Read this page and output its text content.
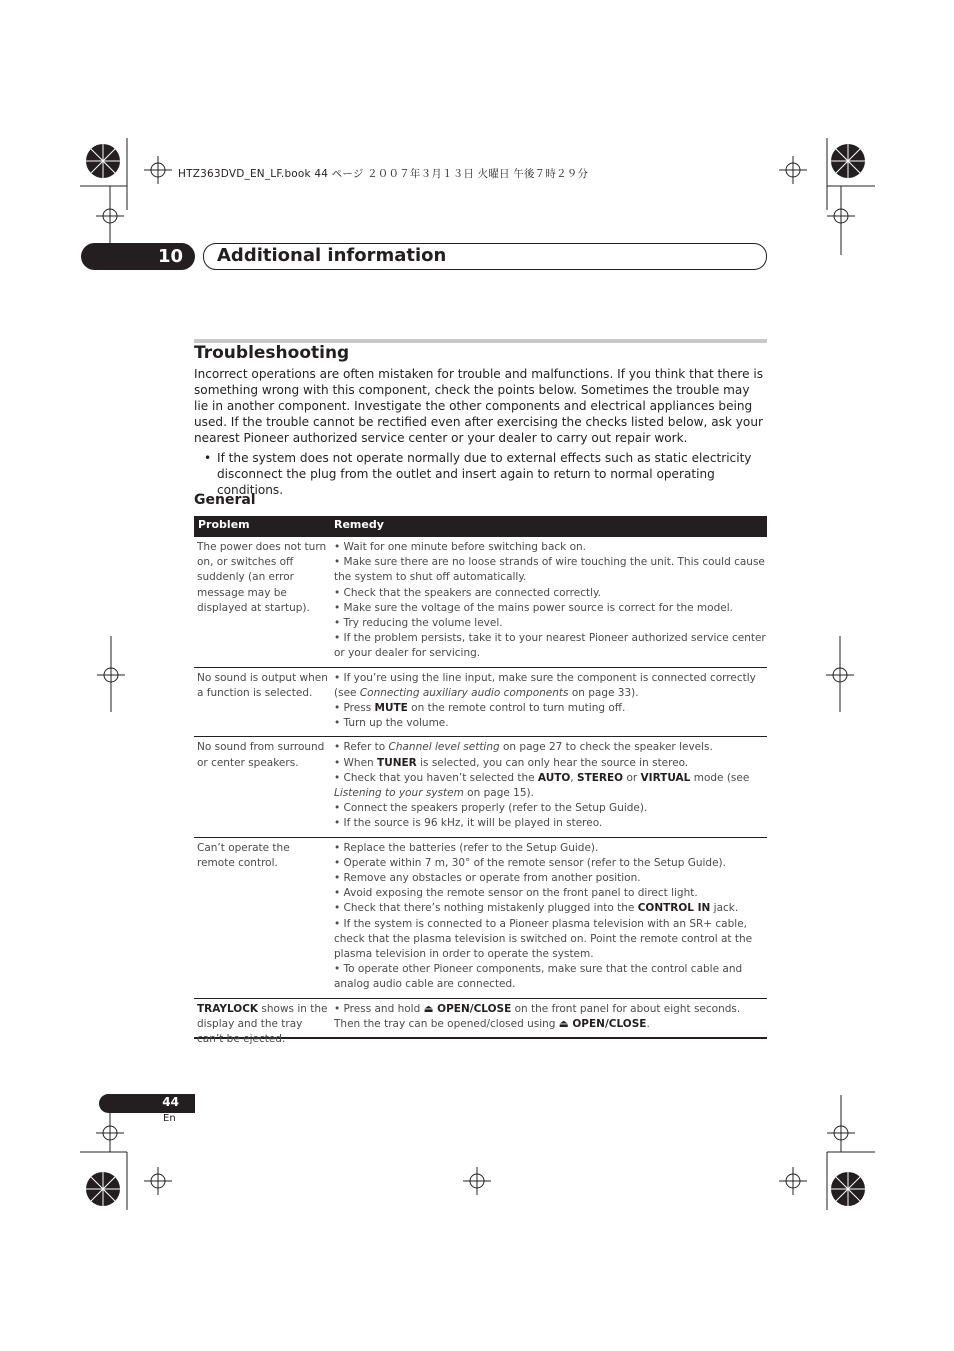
HTZ363DVD_EN_LF.book 44 ページ ２００７年３月１３日 火曜日 午後７時２９分
10 Additional information
Troubleshooting

Incorrect operations are often mistaken for trouble and malfunctions. If you think that there is something wrong with this component, check the points below. Sometimes the trouble may lie in another component. Investigate the other components and electrical appliances being used. If the trouble cannot be rectified even after exercising the checks listed below, ask your nearest Pioneer authorized service center or your dealer to carry out repair work.

• If the system does not operate normally due to external effects such as static electricity disconnect the plug from the outlet and insert again to return to normal operating conditions.
General
Problem	Remedy
The power does not turn on, or switches off suddenly (an error message may be displayed at startup).
• Wait for one minute before switching back on.
• Make sure there are no loose strands of wire touching the unit. This could cause the system to shut off automatically.
• Check that the speakers are connected correctly.
• Make sure the voltage of the mains power source is correct for the model.
• Try reducing the volume level.
• If the problem persists, take it to your nearest Pioneer authorized service center or your dealer for servicing.
No sound is output when a function is selected.
• If you’re using the line input, make sure the component is connected correctly (see Connecting auxiliary audio components on page 33).
• Press MUTE on the remote control to turn muting off.
• Turn up the volume.
No sound from surround or center speakers.
• Refer to Channel level setting on page 27 to check the speaker levels.
• When TUNER is selected, you can only hear the source in stereo.
• Check that you haven’t selected the AUTO, STEREO or VIRTUAL mode (see Listening to your system on page 15).
• Connect the speakers properly (refer to the Setup Guide).
• If the source is 96 kHz, it will be played in stereo.
Can’t operate the remote control.
• Replace the batteries (refer to the Setup Guide).
• Operate within 7 m, 30° of the remote sensor (refer to the Setup Guide).
• Remove any obstacles or operate from another position.
• Avoid exposing the remote sensor on the front panel to direct light.
• Check that there’s nothing mistakenly plugged into the CONTROL IN jack.
• If the system is connected to a Pioneer plasma television with an SR+ cable, check that the plasma television is switched on. Point the remote control at the plasma television in order to operate the system.
• To operate other Pioneer components, make sure that the control cable and analog audio cable are connected.
TRAYLOCK shows in the display and the tray can’t be ejected.
• Press and hold ⏏ OPEN/CLOSE on the front panel for about eight seconds. Then the tray can be opened/closed using ⏏ OPEN/CLOSE.
44
En
